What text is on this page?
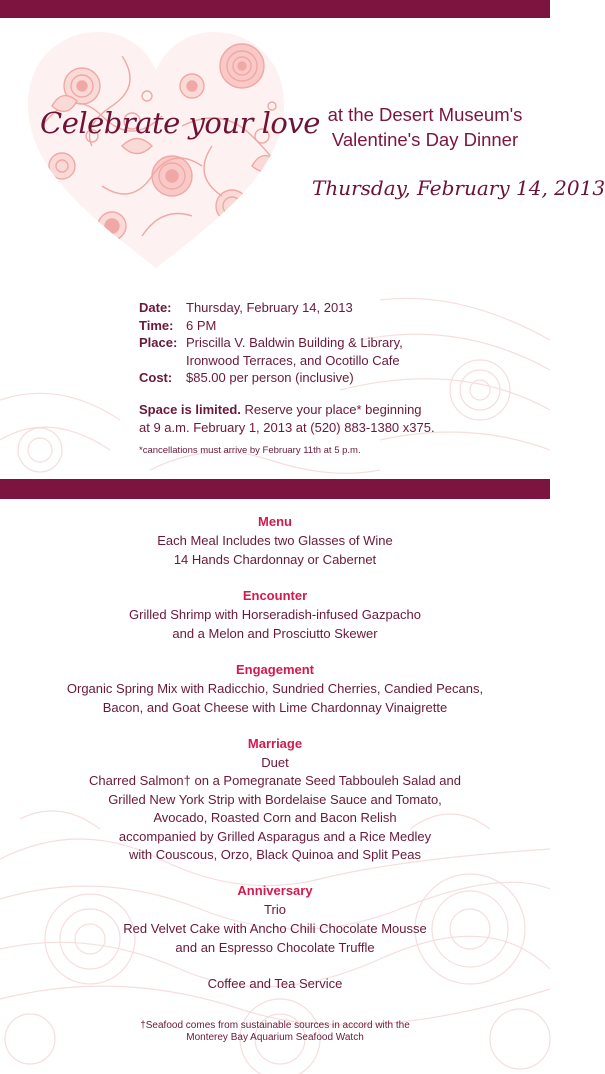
Celebrate your love at the Desert Museum's
Valentine's Day Dinner
Thursday, February 14, 2013
Date:	Thursday, February 14, 2013
Time: 6 PM
Place: Priscilla V. Baldwin Building & Library,
Ironwood Terraces, and Ocotillo Cafe
Cost:	$85.00 per person (inclusive)
Space is limited. Reserve your place* beginning
at 9 a.m. February 1, 2013 at (520) 883-1380 x375.
*cancellations must arrive by February 11th at 5 p.m.
Menu
Each Meal Includes two Glasses of Wine
14 Hands Chardonnay or Cabernet
Encounter
Grilled Shrimp with Horseradish-infused Gazpacho
and a Melon and Prosciutto Skewer
Engagement
Organic Spring Mix with Radicchio, Sundried Cherries, Candied Pecans,
Bacon, and Goat Cheese with Lime Chardonnay Vinaigrette
Marriage
Duet
Charred Salmon† on a Pomegranate Seed Tabbouleh Salad and
Grilled New York Strip with Bordelaise Sauce and Tomato,
Avocado, Roasted Corn and Bacon Relish
accompanied by Grilled Asparagus and a Rice Medley
with Couscous, Orzo, Black Quinoa and Split Peas
Anniversary
Trio
Red Velvet Cake with Ancho Chili Chocolate Mousse
and an Espresso Chocolate Truffle
Coffee and Tea Service
†Seafood comes from sustainable sources in accord with the
Monterey Bay Aquarium Seafood Watch
